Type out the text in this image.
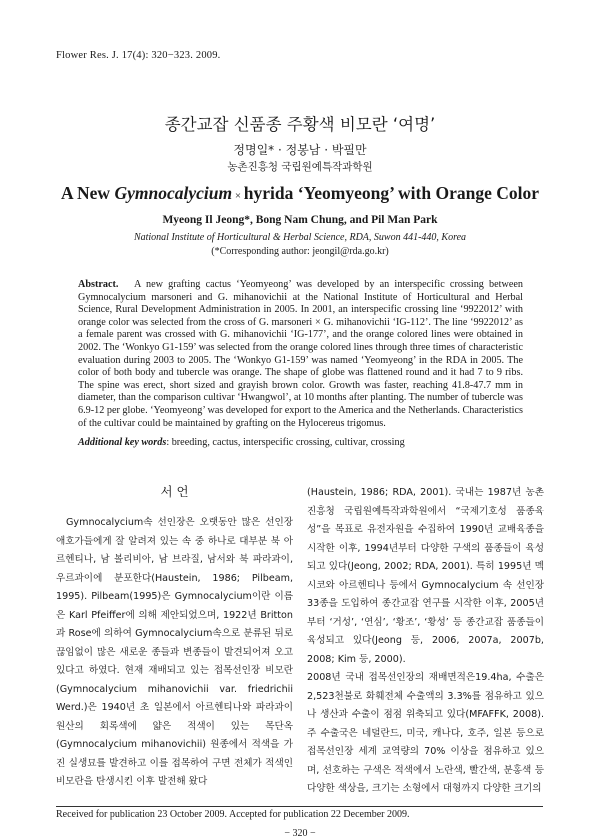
Flower Res. J. 17(4): 320−323. 2009.
종간교잡 신품종 주황색 비모란 ‘여명’
정명일* · 정봉남 · 박필만
농촌진흥청 국립원예특작과학원
A New Gymnocalycium × hyrida ‘Yeomyeong’ with Orange Color
Myeong Il Jeong*, Bong Nam Chung, and Pil Man Park
National Institute of Horticultural & Herbal Science, RDA, Suwon 441-440, Korea
(*Corresponding author: jeongil@rda.go.kr)
Abstract. A new grafting cactus ‘Yeomyeong’ was developed by an interspecific crossing between Gymnocalycium marsoneri and G. mihanovichii at the National Institute of Horticultural and Herbal Science, Rural Development Administration in 2005. In 2001, an interspecific crossing line ‘9922012’ with orange color was selected from the cross of G. marsoneri × G. mihanovichii ‘IG-112’. The line ‘9922012’ as a female parent was crossed with G. mihanovichii ‘IG-177’, and the orange colored lines were obtained in 2002. The ‘Wonkyo G1-159’ was selected from the orange colored lines through three times of characteristic evaluation during 2003 to 2005. The ‘Wonkyo G1-159’ was named ‘Yeomyeong’ in the RDA in 2005. The color of both body and tubercle was orange. The shape of globe was flattened round and it had 7 to 9 ribs. The spine was erect, short sized and grayish brown color. Growth was faster, reaching 41.8-47.7 mm in diameter, than the comparison cultivar ‘Hwangwol’, at 10 months after planting. The number of tubercle was 6.9-12 per globe. ‘Yeomyeong’ was developed for export to the America and the Netherlands. Characteristics of the cultivar could be maintained by grafting on the Hylocereus trigomus.
Additional key words: breeding, cactus, interspecific crossing, cultivar, crossing
서 언
Gymnocalycium속 선인장은 오랫동안 많은 선인장 애호가들에게 잘 알려져 있는 속 중 하나로 대부분 북 아르헨티나, 남 볼리비아, 남 브라질, 남서와 북 파라과이, 우르과이에 분포한다(Haustein, 1986; Pilbeam, 1995). Pilbeam(1995)은 Gymnocalycium이란 이름은 Karl Pfeiffer에 의해 제안되었으며, 1922년 Britton과 Rose에 의하여 Gymnocalycium속으로 분류된 뒤로 끊임없이 많은 새로운 종들과 변종들이 발견되어져 오고 있다고 하였다. 현재 재배되고 있는 접목선인장 비모란(Gymnocalycium mihanovichii var. friedrichii Werd.)은 1940년 초 일본에서 아르헨티나와 파라과이 원산의 회록색에 얇은 적색이 있는 목단옥(Gymnocalycium mihanovichii) 원종에서 적색을 가진 실생묘를 발견하고 이를 접목하여 구면 전체가 적색인 비모란을 탄생시킨 이후 발전해 왔다
(Haustein, 1986; RDA, 2001). 국내는 1987년 농촌진흥청 국립원예특작과학원에서 “국제기호성 품종육성”을 목표로 유전자원을 수집하여 1990년 교배육종을 시작한 이후, 1994년부터 다양한 구색의 품종들이 육성되고 있다(Jeong, 2002; RDA, 2001). 특히 1995년 멕시코와 아르헨티나 등에서 Gymnocalycium 속 선인장 33종을 도입하여 종간교잡 연구를 시작한 이후, 2005년부터 ‘거성’, ‘연심’, ‘황조’, ‘황성’ 등 종간교잡 품종들이 육성되고 있다(Jeong 등, 2006, 2007a, 2007b, 2008; Kim 등, 2000).
2008년 국내 접목선인장의 재배면적은19.4ha, 수출은 2,523천불로 화훼전체 수출액의 3.3%를 점유하고 있으나 생산과 수출이 점점 위축되고 있다(MFAFFK, 2008). 주 수출국은 네덜란드, 미국, 캐나다, 호주, 일본 등으로 접목선인장 세계 교역량의 70% 이상을 점유하고 있으며, 선호하는 구색은 적색에서 노란색, 빨간색, 분홍색 등 다양한 색상을, 크기는 소형에서 대형까지 다양한 크기의
Received for publication 23 October 2009. Accepted for publication 22 December 2009.
− 320 −
